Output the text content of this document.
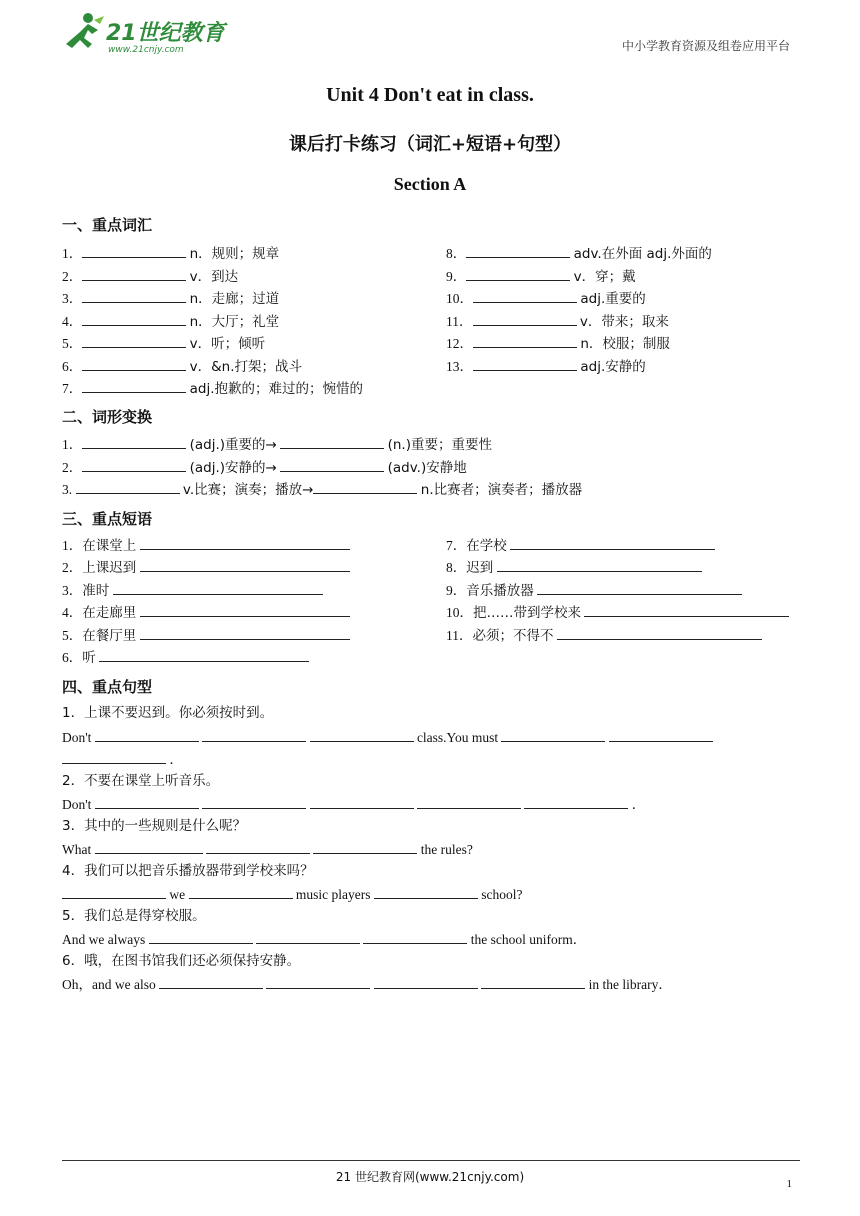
21世纪教育
www.21cnjy.com	中小学教育资源及组卷应用平台
Unit 4 Don't eat in class.
课后打卡练习（词汇+短语+句型）
Section A
一、重点词汇
1．	n．规则；规章
2．	v．到达
3．	n．走廊；过道
4．	n．大厅；礼堂
5．	v．听；倾听
6．	v．&n.打架；战斗
7．	adj.抱歉的；难过的；惋惜的
8．	adv.在外面 adj.外面的
9．	v．穿；戴
10．	adj.重要的
11．	v．带来；取来
12．	n．校服；制服
13．	adj.安静的
二、词形变换
1．	(adj.)重要的→	(n.)重要；重要性
2．	(adj.)安静的→	(adv.)安静地
3.	v.比赛；演奏；播放→	n.比赛者；演奏者；播放器
三、重点短语
1．在课堂上
2．上课迟到
3．准时
4．在走廊里
5．在餐厅里
6．听
7．在学校
8．迟到
9．音乐播放器
10．把……带到学校来
11．必须；不得不
四、重点句型
1．上课不要迟到。你必须按时到。
Don't	class.You must
．
2．不要在课堂上听音乐。
Don't	．
3．其中的一些规则是什么呢？
What	the rules?
4．我们可以把音乐播放器带到学校来吗？
we	music players	school?
5．我们总是得穿校服。
And we always	the school uniform．
6．哦，在图书馆我们还必须保持安静。
Oh，and we also	in the library．
21 世纪教育网(www.21cnjy.com)	1
